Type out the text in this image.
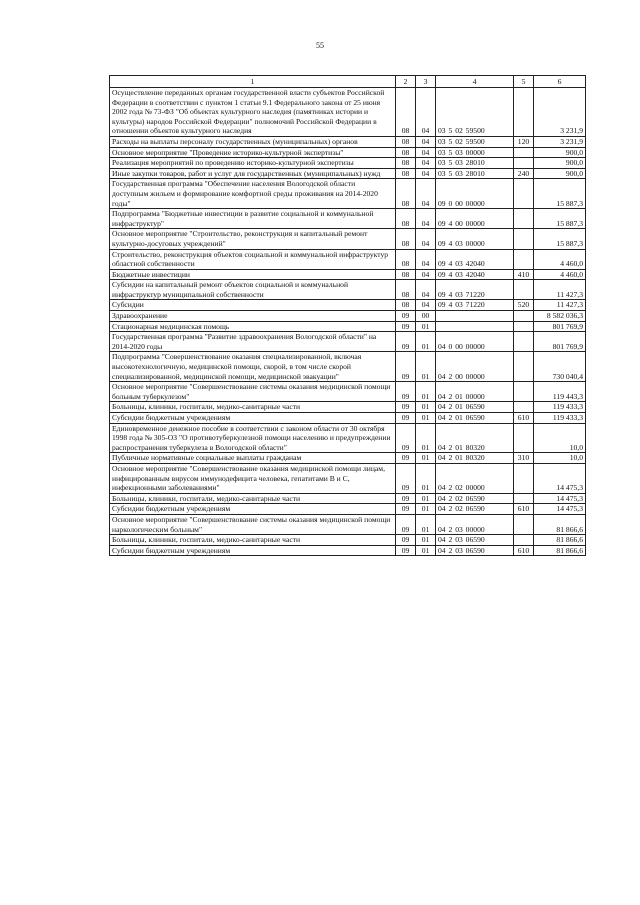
55
1	2	3	4	5	6
Осуществление переданных органам государственной власти субъектов Российской Федерации в соответствии с пунктом 1 статьи 9.1 Федерального закона от 25 июня 2002 года № 73-ФЗ "Об объектах культурного наследия (памятниках истории и культуры) народов Российской Федерации" полномочий Российской Федерации в отношении объектов культурного наследия	08	04	03 5 02 59500		3 231,9
Расходы на выплаты персоналу государственных (муниципальных) органов	08	04	03 5 02 59500	120	3 231,9
Основное мероприятие "Проведение историко-культурной экспертизы"	08	04	03 5 03 00000		900,0
Реализация мероприятий по проведению историко-культурной экспертизы	08	04	03 5 03 28010		900,0
Иные закупки товаров, работ и услуг для государственных (муниципальных) нужд	08	04	03 5 03 28010	240	900,0
Государственная программа "Обеспечение населения Вологодской области доступным жильем и формирование комфортной среды проживания на 2014-2020 годы"	08	04	09 0 00 00000		15 887,3
Подпрограмма "Бюджетные инвестиции в развитие социальной и коммунальной инфраструктур"	08	04	09 4 00 00000		15 887,3
Основное мероприятие "Строительство, реконструкция и капитальный ремонт культурно-досуговых учреждений"	08	04	09 4 03 00000		15 887,3
Строительство, реконструкция объектов социальной и коммунальной инфраструктур областной собственности	08	04	09 4 03 42040		4 460,0
Бюджетные инвестиции	08	04	09 4 03 42040	410	4 460,0
Субсидии на капитальный ремонт объектов социальной и коммунальной инфраструктур муниципальной собственности	08	04	09 4 03 71220		11 427,3
Субсидии	08	04	09 4 03 71220	520	11 427,3
Здравоохранение	09	00			8 582 036,3
Стационарная медицинская помощь	09	01			801 769,9
Государственная программа "Развитие здравоохранения Вологодской области" на 2014-2020 годы	09	01	04 0 00 00000		801 769,9
Подпрограмма "Совершенствование оказания специализированной, включая высокотехнологичную, медицинской помощи, скорой, в том числе скорой специализированной, медицинской помощи, медицинской эвакуации"	09	01	04 2 00 00000		730 040,4
Основное мероприятие "Совершенствование системы оказания медицинской помощи больным туберкулезом"	09	01	04 2 01 00000		119 443,3
Больницы, клиники, госпитали, медико-санитарные части	09	01	04 2 01 06590		119 433,3
Субсидии бюджетным учреждениям	09	01	04 2 01 06590	610	119 433,3
Единовременное денежное пособие в соответствии с законом области от 30 октября 1998 года № 305-ОЗ "О противотуберкулезной помощи населению и предупреждении распространения туберкулеза в Вологодской области"	09	01	04 2 01 80320		10,0
Публичные нормативные социальные выплаты гражданам	09	01	04 2 01 80320	310	10,0
Основное мероприятие "Совершенствование оказания медицинской помощи лицам, инфицированным вирусом иммунодефицита человека, гепатитами В и С, инфекционными заболеваниями"	09	01	04 2 02 00000		14 475,3
Больницы, клиники, госпитали, медико-санитарные части	09	01	04 2 02 06590		14 475,3
Субсидии бюджетным учреждениям	09	01	04 2 02 06590	610	14 475,3
Основное мероприятие "Совершенствование системы оказания медицинской помощи наркологическим больным"	09	01	04 2 03 00000		81 866,6
Больницы, клиники, госпитали, медико-санитарные части	09	01	04 2 03 06590		81 866,6
Субсидии бюджетным учреждениям	09	01	04 2 03 06590	610	81 866,6
